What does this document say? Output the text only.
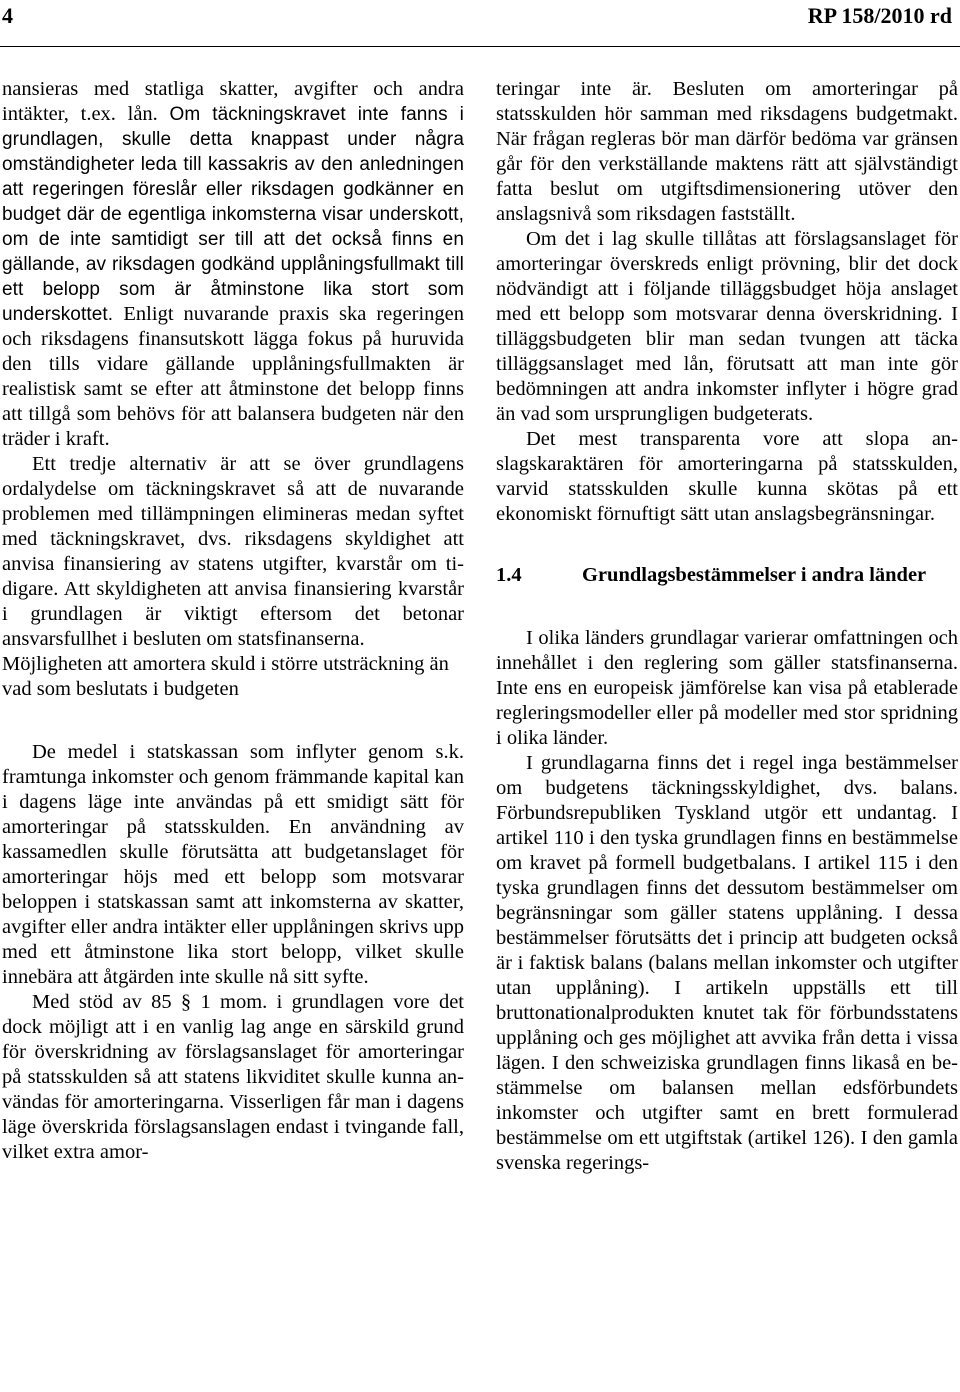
4	RP 158/2010 rd

nansieras med statliga skatter, avgifter och andra intäkter, t.ex. lån. Om täckningskravet inte fanns i grundlagen, skulle detta knappast under några omständigheter leda till kassakris av den anledningen att regeringen föreslår eller riksdagen godkänner en budget där de egentliga inkomsterna visar underskott, om de inte samtidigt ser till att det också finns en gällande, av riksdagen godkänd upplåningsfullmakt till ett belopp som är åtminstone lika stort som underskottet. Enligt nuvarande praxis ska regeringen och riksdagens finansutskott lägga fokus på huruvida den tills vidare gällande upplåningsfullmakten är realistisk samt se efter att åtminstone det belopp finns att tillgå som behövs för att balansera budgeten när den träder i kraft.

Ett tredje alternativ är att se över grundlagens ordalydelse om täckningskravet så att de nuvarande problemen med tillämpningen elimineras medan syftet med täckningskravet, dvs. riksdagens skyldighet att anvisa finansiering av statens utgifter, kvarstår om tidigare. Att skyldigheten att anvisa finansiering kvarstår i grundlagen är viktigt eftersom det betonar ansvarsfullhet i besluten om statsfinanserna.

Möjligheten att amortera skuld i större utsträckning än vad som beslutats i budgeten

De medel i statskassan som inflyter genom s.k. framtunga inkomster och genom främmande kapital kan i dagens läge inte användas på ett smidigt sätt för amorteringar på statsskulden. En användning av kassamedlen skulle förutsätta att budgetanslaget för amorteringar höjs med ett belopp som motsvarar beloppen i statskassan samt att inkomsterna av skatter, avgifter eller andra intäkter eller upplåningen skrivs upp med ett åtminstone lika stort belopp, vilket skulle innebära att åtgärden inte skulle nå sitt syfte.

Med stöd av 85 § 1 mom. i grundlagen vore det dock möjligt att i en vanlig lag ange en särskild grund för överskridning av förslagsanslaget för amorteringar på statsskulden så att statens likviditet skulle kunna användas för amorteringarna. Visserligen får man i dagens läge överskrida förslagsanslagen endast i tvingande fall, vilket extra amor-

teringar inte är. Besluten om amorteringar på statsskulden hör samman med riksdagens budgetmakt. När frågan regleras bör man därför bedöma var gränsen går för den verkställande maktens rätt att självständigt fatta beslut om utgiftsdimensionering utöver den anslagsnivå som riksdagen fastställt.

Om det i lag skulle tillåtas att förslagsanslaget för amorteringar överskreds enligt prövning, blir det dock nödvändigt att i följande tilläggsbudget höja anslaget med ett belopp som motsvarar denna överskridning. I tilläggsbudgeten blir man sedan tvungen att täcka tilläggsanslaget med lån, förutsatt att man inte gör bedömningen att andra inkomster inflyter i högre grad än vad som ursprungligen budgeterats.

Det mest transparenta vore att slopa anslagskaraktären för amorteringarna på statsskulden, varvid statsskulden skulle kunna skötas på ett ekonomiskt förnuftigt sätt utan anslagsbegränsningar.

1.4	Grundlagsbestämmelser i andra länder

I olika länders grundlagar varierar omfattningen och innehållet i den reglering som gäller statsfinanserna. Inte ens en europeisk jämförelse kan visa på etablerade regleringsmodeller eller på modeller med stor spridning i olika länder.

I grundlagarna finns det i regel inga bestämmelser om budgetens täckningsskyldighet, dvs. balans. Förbundsrepubliken Tyskland utgör ett undantag. I artikel 110 i den tyska grundlagen finns en bestämmelse om kravet på formell budgetbalans. I artikel 115 i den tyska grundlagen finns det dessutom bestämmelser om begränsningar som gäller statens upplåning. I dessa bestämmelser förutsätts det i princip att budgeten också är i faktisk balans (balans mellan inkomster och utgifter utan upplåning). I artikeln uppställs ett till bruttonationalprodukten knutet tak för förbundsstatens upplåning och ges möjlighet att avvika från detta i vissa lägen. I den schweiziska grundlagen finns likaså en bestämmelse om balansen mellan edsförbundets inkomster och utgifter samt en brett formulerad bestämmelse om ett utgiftstak (artikel 126). I den gamla svenska regerings-
